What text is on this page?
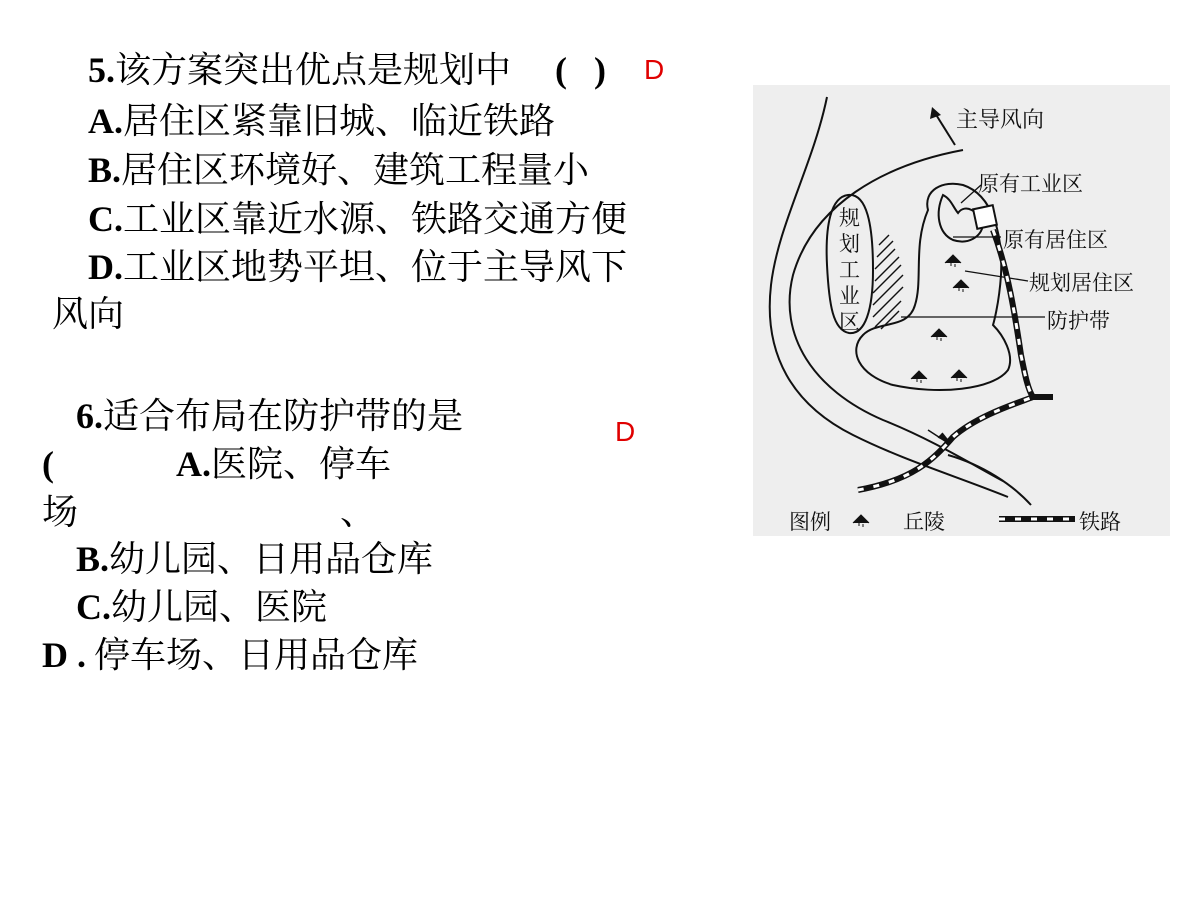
5.该方案突出优点是规划中 (   ) D
A.居住区紧靠旧城、临近铁路
B.居住区环境好、建筑工程量小
C.工业区靠近水源、铁路交通方便
D.工业区地势平坦、位于主导风下
风向
6.适合布局在防护带的是	D
(	A.医院、停车
场	、
B.幼儿园、日用品仓库
C.幼儿园、医院
D . 停车场、日用品仓库
主导风向
规
划
工
业
区
原有工业区
原有居住区
规划居住区
防护带
图例	丘陵	铁路
